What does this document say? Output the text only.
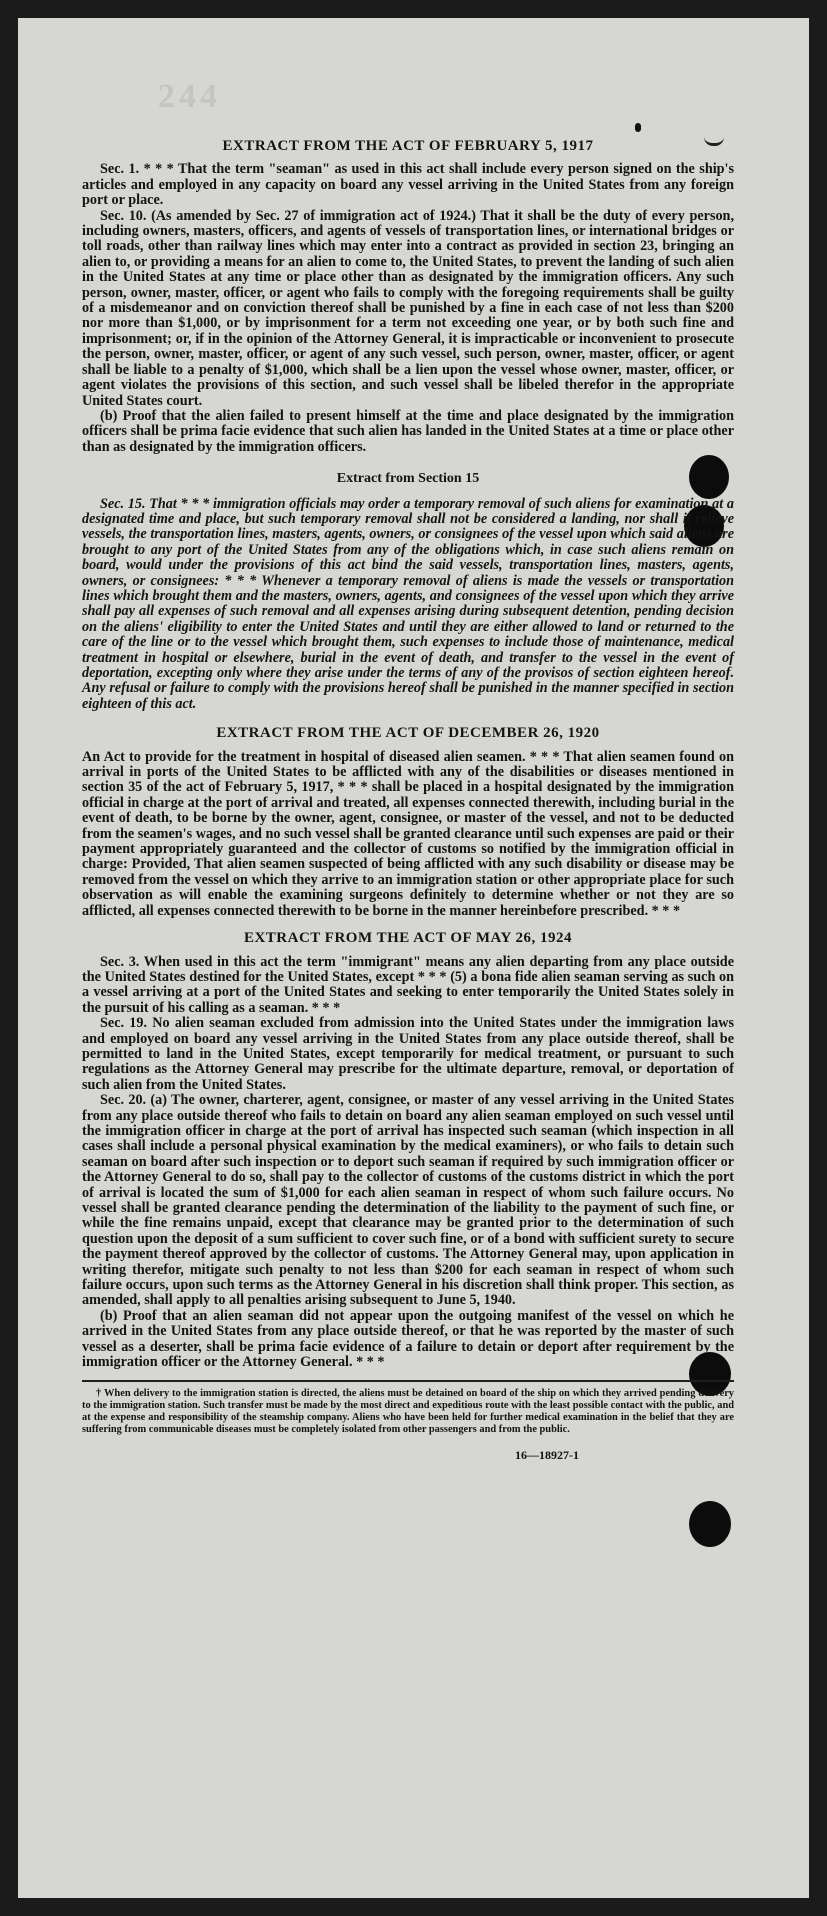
244
EXTRACT FROM THE ACT OF FEBRUARY 5, 1917

Sec. 1. * * * That the term "seaman" as used in this act shall include every person signed on the ship's articles and employed in any capacity on board any vessel arriving in the United States from any foreign port or place.

Sec. 10. (As amended by Sec. 27 of immigration act of 1924.) That it shall be the duty of every person, including owners, masters, officers, and agents of vessels of transportation lines, or international bridges or toll roads, other than railway lines which may enter into a contract as provided in section 23, bringing an alien to, or providing a means for an alien to come to, the United States, to prevent the landing of such alien in the United States at any time or place other than as designated by the immigration officers. Any such person, owner, master, officer, or agent who fails to comply with the foregoing requirements shall be guilty of a misdemeanor and on conviction thereof shall be punished by a fine in each case of not less than $200 nor more than $1,000, or by imprisonment for a term not exceeding one year, or by both such fine and imprisonment; or, if in the opinion of the Attorney General, it is impracticable or inconvenient to prosecute the person, owner, master, officer, or agent of any such vessel, such person, owner, master, officer, or agent shall be liable to a penalty of $1,000, which shall be a lien upon the vessel whose owner, master, officer, or agent violates the provisions of this section, and such vessel shall be libeled therefor in the appropriate United States court.

(b) Proof that the alien failed to present himself at the time and place designated by the immigration officers shall be prima facie evidence that such alien has landed in the United States at a time or place other than as designated by the immigration officers.

Extract from Section 15

Sec. 15. That * * * immigration officials may order a temporary removal of such aliens for examination at a designated time and place, but such temporary removal shall not be considered a landing, nor shall it relieve vessels, the transportation lines, masters, agents, owners, or consignees of the vessel upon which said aliens are brought to any port of the United States from any of the obligations which, in case such aliens remain on board, would under the provisions of this act bind the said vessels, transportation lines, masters, agents, owners, or consignees: * * * Whenever a temporary removal of aliens is made the vessels or transportation lines which brought them and the masters, owners, agents, and consignees of the vessel upon which they arrive shall pay all expenses of such removal and all expenses arising during subsequent detention, pending decision on the aliens' eligibility to enter the United States and until they are either allowed to land or returned to the care of the line or to the vessel which brought them, such expenses to include those of maintenance, medical treatment in hospital or elsewhere, burial in the event of death, and transfer to the vessel in the event of deportation, excepting only where they arise under the terms of any of the provisos of section eighteen hereof. Any refusal or failure to comply with the provisions hereof shall be punished in the manner specified in section eighteen of this act.

EXTRACT FROM THE ACT OF DECEMBER 26, 1920

An Act to provide for the treatment in hospital of diseased alien seamen. * * * That alien seamen found on arrival in ports of the United States to be afflicted with any of the disabilities or diseases mentioned in section 35 of the act of February 5, 1917, * * * shall be placed in a hospital designated by the immigration official in charge at the port of arrival and treated, all expenses connected therewith, including burial in the event of death, to be borne by the owner, agent, consignee, or master of the vessel, and not to be deducted from the seamen's wages, and no such vessel shall be granted clearance until such expenses are paid or their payment appropriately guaranteed and the collector of customs so notified by the immigration official in charge: Provided, That alien seamen suspected of being afflicted with any such disability or disease may be removed from the vessel on which they arrive to an immigration station or other appropriate place for such observation as will enable the examining surgeons definitely to determine whether or not they are so afflicted, all expenses connected therewith to be borne in the manner hereinbefore prescribed. * * *

EXTRACT FROM THE ACT OF MAY 26, 1924

Sec. 3. When used in this act the term "immigrant" means any alien departing from any place outside the United States destined for the United States, except * * * (5) a bona fide alien seaman serving as such on a vessel arriving at a port of the United States and seeking to enter temporarily the United States solely in the pursuit of his calling as a seaman. * * *

Sec. 19. No alien seaman excluded from admission into the United States under the immigration laws and employed on board any vessel arriving in the United States from any place outside thereof, shall be permitted to land in the United States, except temporarily for medical treatment, or pursuant to such regulations as the Attorney General may prescribe for the ultimate departure, removal, or deportation of such alien from the United States.

Sec. 20. (a) The owner, charterer, agent, consignee, or master of any vessel arriving in the United States from any place outside thereof who fails to detain on board any alien seaman employed on such vessel until the immigration officer in charge at the port of arrival has inspected such seaman (which inspection in all cases shall include a personal physical examination by the medical examiners), or who fails to detain such seaman on board after such inspection or to deport such seaman if required by such immigration officer or the Attorney General to do so, shall pay to the collector of customs of the customs district in which the port of arrival is located the sum of $1,000 for each alien seaman in respect of whom such failure occurs. No vessel shall be granted clearance pending the determination of the liability to the payment of such fine, or while the fine remains unpaid, except that clearance may be granted prior to the determination of such question upon the deposit of a sum sufficient to cover such fine, or of a bond with sufficient surety to secure the payment thereof approved by the collector of customs. The Attorney General may, upon application in writing therefor, mitigate such penalty to not less than $200 for each seaman in respect of whom such failure occurs, upon such terms as the Attorney General in his discretion shall think proper. This section, as amended, shall apply to all penalties arising subsequent to June 5, 1940.

(b) Proof that an alien seaman did not appear upon the outgoing manifest of the vessel on which he arrived in the United States from any place outside thereof, or that he was reported by the master of such vessel as a deserter, shall be prima facie evidence of a failure to detain or deport after requirement by the immigration officer or the Attorney General. * * *

† When delivery to the immigration station is directed, the aliens must be detained on board of the ship on which they arrived pending delivery to the immigration station. Such transfer must be made by the most direct and expeditious route with the least possible contact with the public, and at the expense and responsibility of the steamship company. Aliens who have been held for further medical examination in the belief that they are suffering from communicable diseases must be completely isolated from other passengers and from the public.

16—18927-1
